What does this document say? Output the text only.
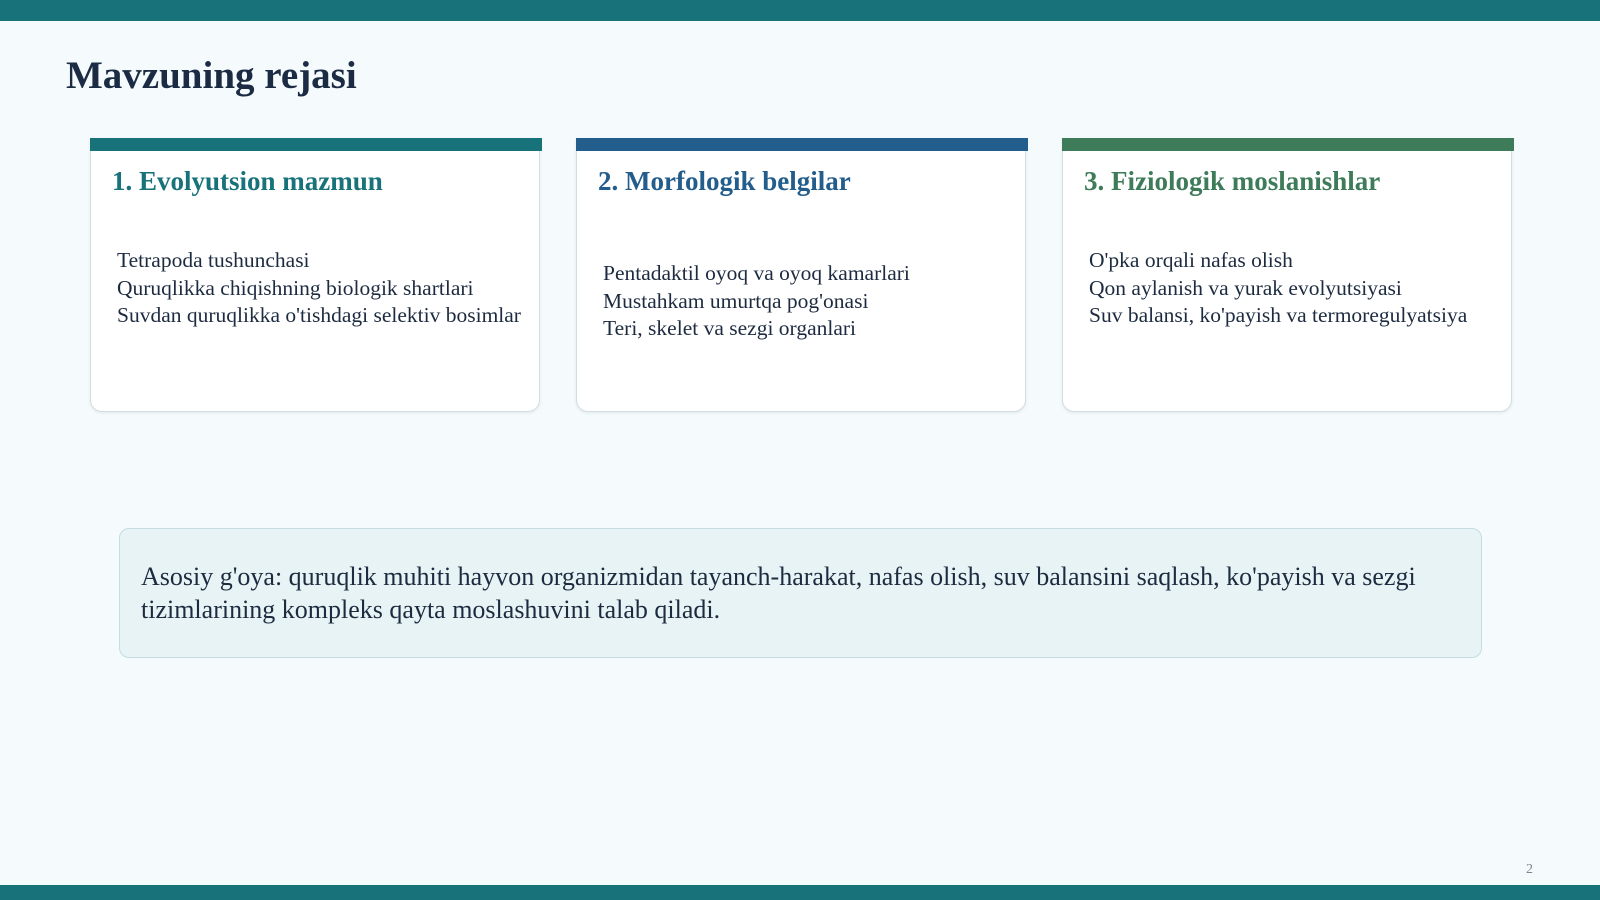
Mavzuning rejasi
1. Evolyutsion mazmun
Tetrapoda tushunchasi
Quruqlikka chiqishning biologik shartlari
Suvdan quruqlikka o'tishdagi selektiv bosimlar
2. Morfologik belgilar
Pentadaktil oyoq va oyoq kamarlari
Mustahkam umurtqa pog'onasi
Teri, skelet va sezgi organlari
3. Fiziologik moslanishlar
O'pka orqali nafas olish
Qon aylanish va yurak evolyutsiyasi
Suv balansi, ko'payish va termoregulyatsiya

Asosiy g'oya: quruqlik muhiti hayvon organizmidan tayanch-harakat, nafas olish, suv balansini saqlash, ko'payish va sezgi tizimlarining kompleks qayta moslashuvini talab qiladi.

2
